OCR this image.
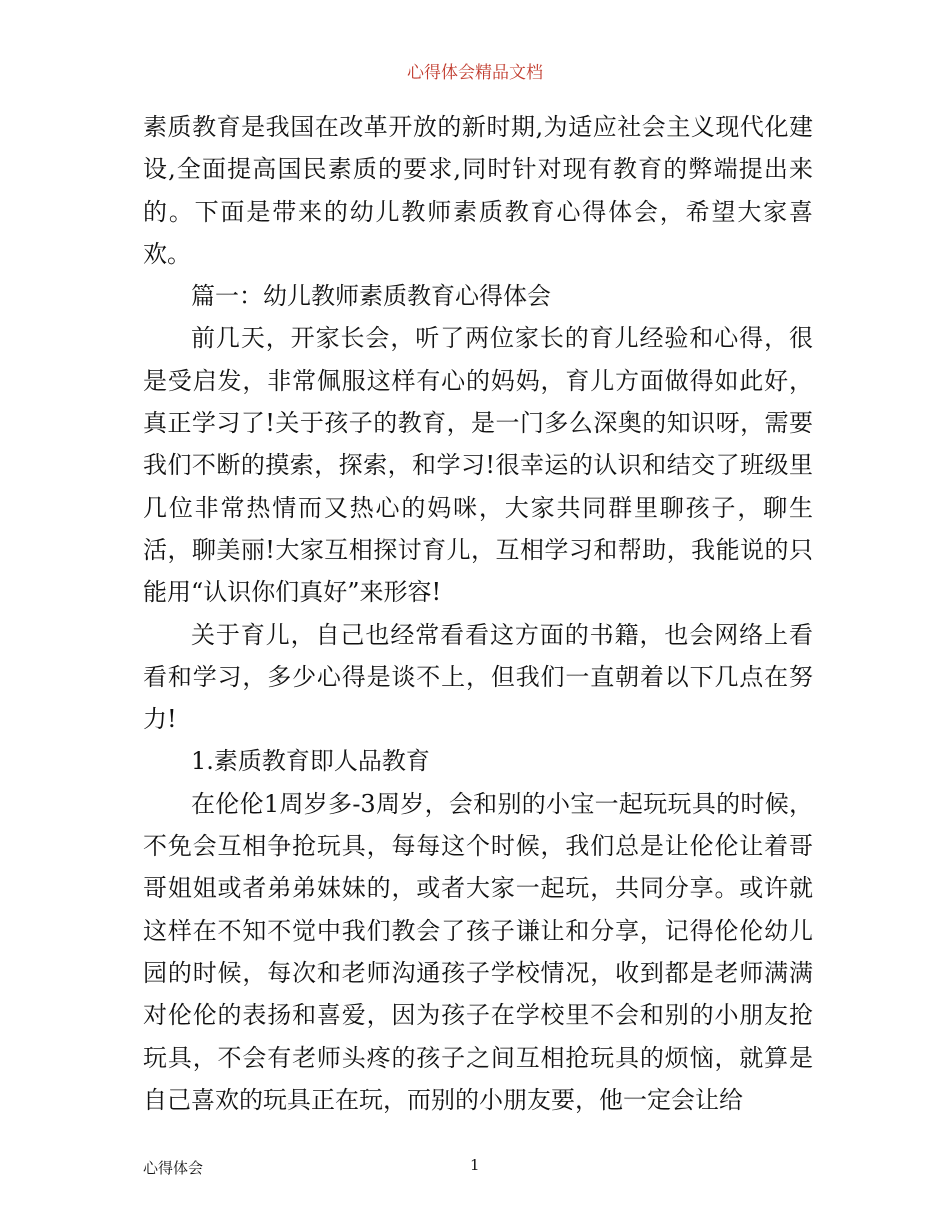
心得体会精品文档

素质教育是我国在改革开放的新时期,为适应社会主义现代化建设,全面提高国民素质的要求,同时针对现有教育的弊端提出来的。下面是带来的幼儿教师素质教育心得体会，希望大家喜欢。

篇一：幼儿教师素质教育心得体会

前几天，开家长会，听了两位家长的育儿经验和心得，很是受启发，非常佩服这样有心的妈妈，育儿方面做得如此好，真正学习了!关于孩子的教育，是一门多么深奥的知识呀，需要我们不断的摸索，探索，和学习!很幸运的认识和结交了班级里几位非常热情而又热心的妈咪，大家共同群里聊孩子，聊生活，聊美丽!大家互相探讨育儿，互相学习和帮助，我能说的只能用“认识你们真好”来形容!

关于育儿，自己也经常看看这方面的书籍，也会网络上看看和学习，多少心得是谈不上，但我们一直朝着以下几点在努力!

1.素质教育即人品教育

在伦伦1周岁多-3周岁，会和别的小宝一起玩玩具的时候，不免会互相争抢玩具，每每这个时候，我们总是让伦伦让着哥哥姐姐或者弟弟妹妹的，或者大家一起玩，共同分享。或许就这样在不知不觉中我们教会了孩子谦让和分享，记得伦伦幼儿园的时候，每次和老师沟通孩子学校情况，收到都是老师满满对伦伦的表扬和喜爱，因为孩子在学校里不会和别的小朋友抢玩具，不会有老师头疼的孩子之间互相抢玩具的烦恼，就算是自己喜欢的玩具正在玩，而别的小朋友要，他一定会让给

心得体会	1
